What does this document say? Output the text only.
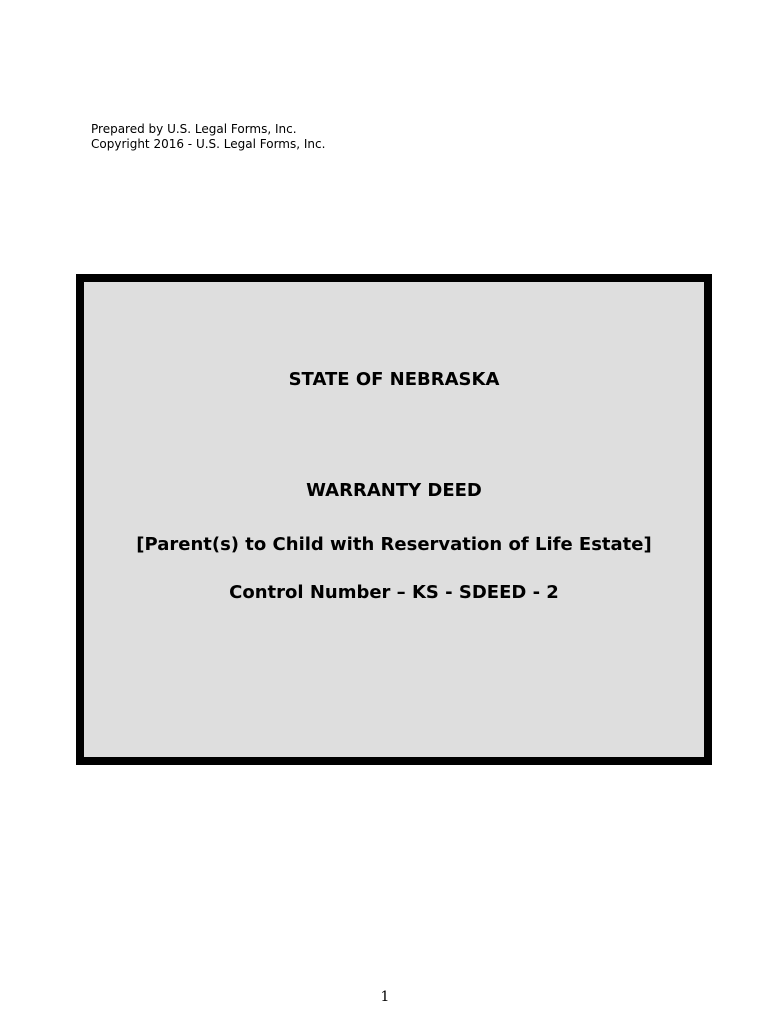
Prepared by U.S. Legal Forms, Inc.
Copyright 2016 - U.S. Legal Forms, Inc.
STATE OF NEBRASKA
WARRANTY DEED
[Parent(s) to Child with Reservation of Life Estate]
Control Number – KS - SDEED - 2
1
